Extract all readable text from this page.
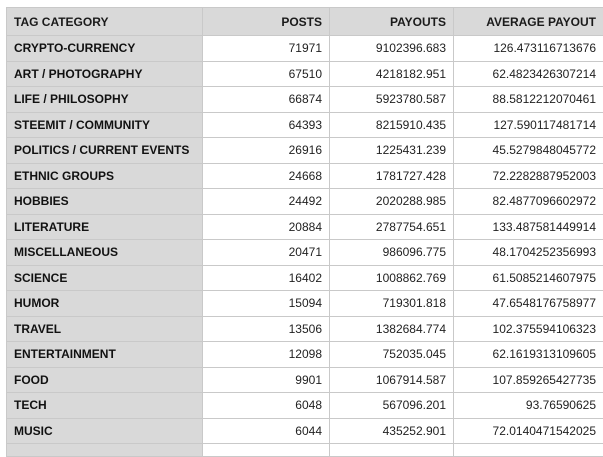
TAG CATEGORY	POSTS	PAYOUTS	AVERAGE PAYOUT
CRYPTO-CURRENCY	71971	9102396.683	126.473116713676
ART / PHOTOGRAPHY	67510	4218182.951	62.4823426307214
LIFE / PHILOSOPHY	66874	5923780.587	88.5812212070461
STEEMIT / COMMUNITY	64393	8215910.435	127.590117481714
POLITICS / CURRENT EVENTS	26916	1225431.239	45.5279848045772
ETHNIC GROUPS	24668	1781727.428	72.2282887952003
HOBBIES	24492	2020288.985	82.4877096602972
LITERATURE	20884	2787754.651	133.487581449914
MISCELLANEOUS	20471	986096.775	48.1704252356993
SCIENCE	16402	1008862.769	61.5085214607975
HUMOR	15094	719301.818	47.6548176758977
TRAVEL	13506	1382684.774	102.375594106323
ENTERTAINMENT	12098	752035.045	62.1619313109605
FOOD	9901	1067914.587	107.859265427735
TECH	6048	567096.201	93.76590625
MUSIC	6044	435252.901	72.0140471542025
